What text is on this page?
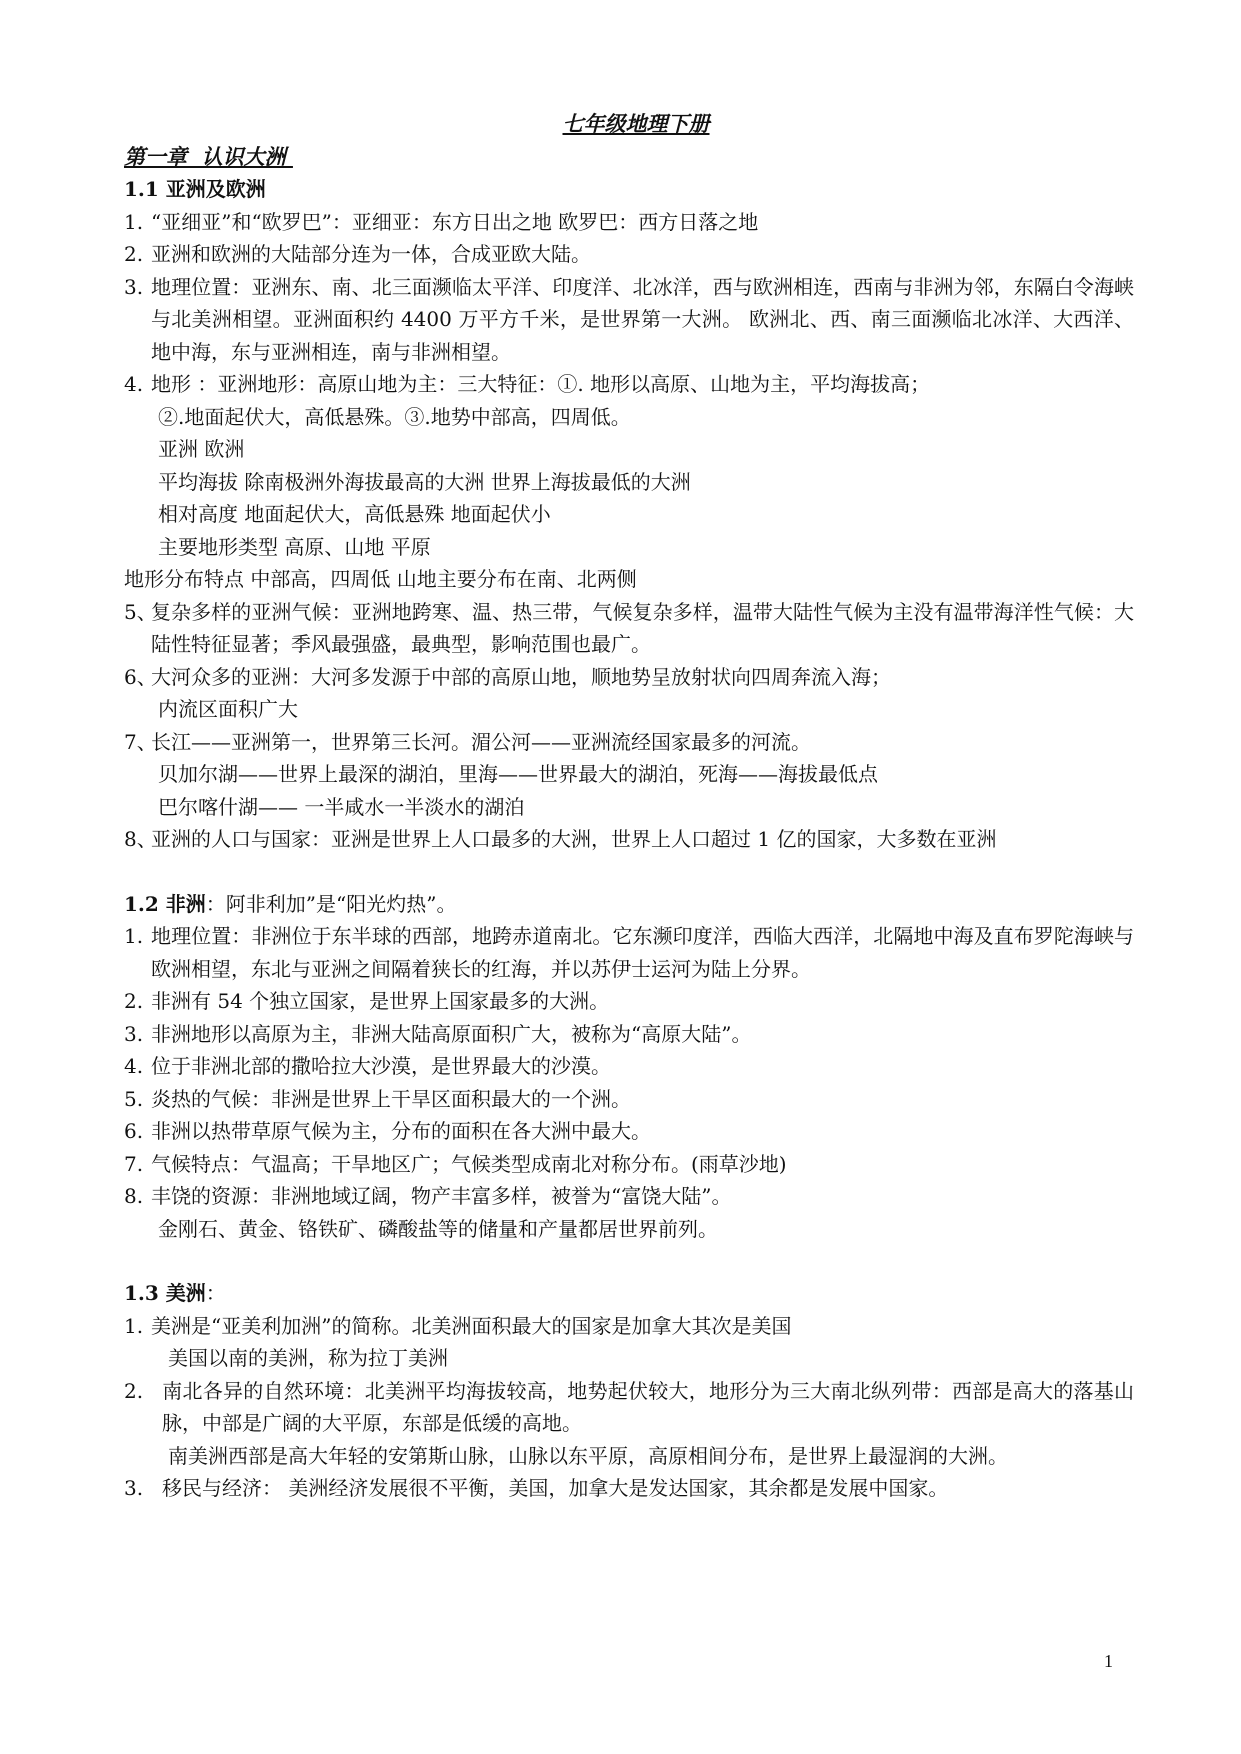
七年级地理下册

第一章  认识大洲

1.1 亚洲及欧洲

1. “亚细亚”和“欧罗巴”：亚细亚：东方日出之地 欧罗巴：西方日落之地

2. 亚洲和欧洲的大陆部分连为一体，合成亚欧大陆。

3. 地理位置：亚洲东、南、北三面濒临太平洋、印度洋、北冰洋，西与欧洲相连，西南与非洲为邻，东隔白令海峡与北美洲相望。亚洲面积约 4400 万平方千米，是世界第一大洲。 欧洲北、西、南三面濒临北冰洋、大西洋、地中海，东与亚洲相连，南与非洲相望。

4. 地形 ：亚洲地形：高原山地为主：三大特征：①. 地形以高原、山地为主，平均海拔高；

②.地面起伏大，高低悬殊。③.地势中部高，四周低。

亚洲 欧洲

平均海拔 除南极洲外海拔最高的大洲 世界上海拔最低的大洲

相对高度 地面起伏大，高低悬殊 地面起伏小

主要地形类型 高原、山地 平原

地形分布特点 中部高，四周低 山地主要分布在南、北两侧

5、复杂多样的亚洲气候：亚洲地跨寒、温、热三带，气候复杂多样，温带大陆性气候为主没有温带海洋性气候：大陆性特征显著；季风最强盛，最典型，影响范围也最广。

6、大河众多的亚洲：大河多发源于中部的高原山地，顺地势呈放射状向四周奔流入海；

内流区面积广大

7、长江——亚洲第一，世界第三长河。湄公河——亚洲流经国家最多的河流。

贝加尔湖——世界上最深的湖泊，里海——世界最大的湖泊，死海——海拔最低点

巴尔喀什湖—— 一半咸水一半淡水的湖泊

8、亚洲的人口与国家：亚洲是世界上人口最多的大洲，世界上人口超过 1 亿的国家，大多数在亚洲

1.2 非洲：阿非利加”是“阳光灼热”。

1. 地理位置：非洲位于东半球的西部，地跨赤道南北。它东濒印度洋，西临大西洋，北隔地中海及直布罗陀海峡与欧洲相望，东北与亚洲之间隔着狭长的红海，并以苏伊士运河为陆上分界。

2. 非洲有 54 个独立国家，是世界上国家最多的大洲。

3. 非洲地形以高原为主，非洲大陆高原面积广大，被称为“高原大陆”。

4. 位于非洲北部的撒哈拉大沙漠，是世界最大的沙漠。

5. 炎热的气候：非洲是世界上干旱区面积最大的一个洲。

6. 非洲以热带草原气候为主，分布的面积在各大洲中最大。

7. 气候特点：气温高；干旱地区广；气候类型成南北对称分布。(雨草沙地)

8. 丰饶的资源：非洲地域辽阔，物产丰富多样，被誉为“富饶大陆”。

金刚石、黄金、铬铁矿、磷酸盐等的储量和产量都居世界前列。

1.3 美洲：

1. 美洲是“亚美利加洲”的简称。北美洲面积最大的国家是加拿大其次是美国

美国以南的美洲，称为拉丁美洲

2. 南北各异的自然环境：北美洲平均海拔较高，地势起伏较大，地形分为三大南北纵列带：西部是高大的落基山脉，中部是广阔的大平原，东部是低缓的高地。

南美洲西部是高大年轻的安第斯山脉，山脉以东平原，高原相间分布，是世界上最湿润的大洲。

3. 移民与经济： 美洲经济发展很不平衡，美国，加拿大是发达国家，其余都是发展中国家。

1
